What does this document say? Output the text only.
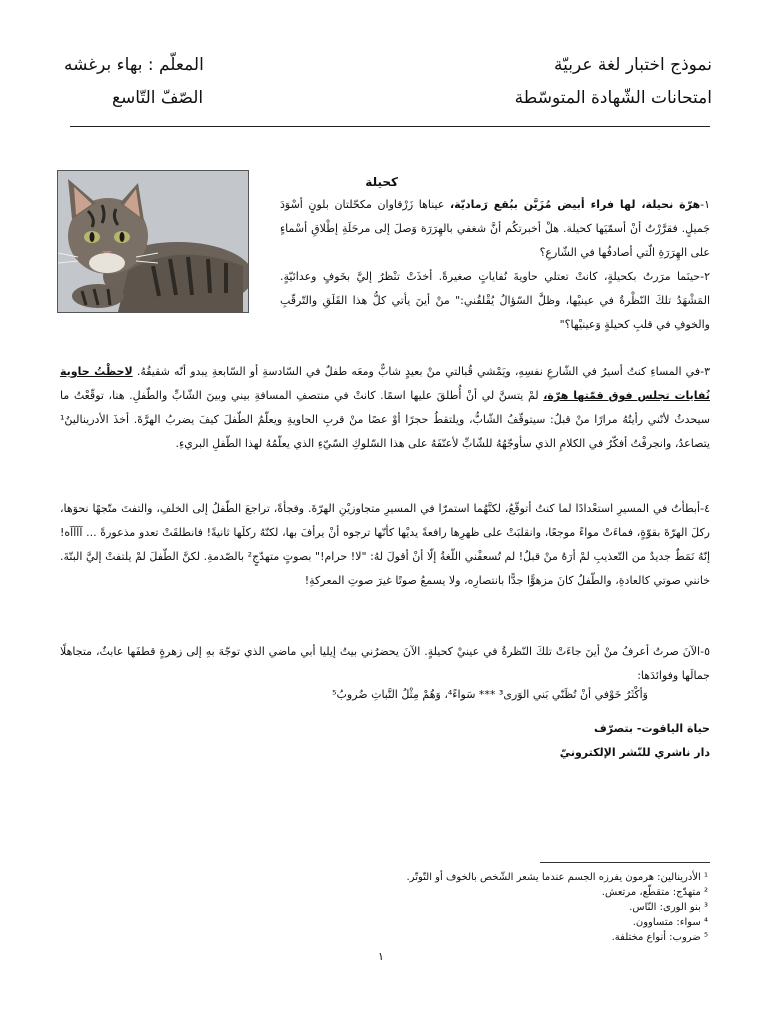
نموذج اختبار لغة عربيّة
امتحانات الشّهادة المتوسّطة
المعلّم : بهاء برغشه
الصّفّ التّاسع
كحيلة
١-هرّة نحيلة، لها فراء أبيض مُزَيَّن ببُقع رَماديّة، عيناها زَرْقاوان مكحّلتان بلونٍ أسْوَدَ جَميلٍ. فقرَّرْتُ أنْ أسمّيَها كحيلة. هلْ أخبرتكُم أنَّ شغفي بالهِرَرَة وَصلَ إلى مرحَلَةِ إطْلاقِ أسْماءٍ على الهِرَرَةِ الّتي أصادفُها في الشّارعِ؟
٢-حينَما مرَرتُ بكحيلةٍ، كانتْ تعتلي حاويةَ نُفاياتٍ صغيرةً. أخذَتْ تنْظرُ إليَّ بخَوفٍ وعدائيّةٍ. المَشْهَدُ تلكَ النّظْرةُ في عينيْها، وظلَّ السّؤالُ يُقْلقُني:" منْ أينَ يأتي كلُّ هذا القَلَقِ والتّرقّبِ والخوفِ في قلبِ كحيلةٍ وَعينيْها؟"
٣-في المساءِ كنتُ أسيرُ في الشّارعِ نفسِهِ، ويَمْشي قُبالتي منْ بعيدٍ شابٌّ ومعَه طفلٌ في السّادسةِ أو السّابعةِ يبدو أنّه شقيقُهُ. لاحظْتُ حاوية نُفايات تجلس فوق قمّتها هرّة، لمْ يتسنَّ لي أنْ أُطلقَ عليها اسمًا. كانتْ في منتصفِ المسافةِ بيني وبينَ الشّابِّ والطّفلِ. هنا، توقّعْتُ ما سيحدثُ لأنّني رأيتُهُ مرارًا منْ قبلُ: سيتوقّفُ الشّابُّ، ويلتقطُ حجرًا أوْ عصًا منْ قربِ الحاويةِ ويعلّمُ الطّفلَ كيفَ يضربُ الهرَّةَ. أخذَ الأدرينالينُ¹ يتصاعدُ، وانجرفْتُ أفكّرُ في الكلامِ الذي سأوجّهُهُ للشّابِّ لأعنّفَهُ على هذا السّلوكِ السّيّءِ الذي يعلّمُهُ لهذا الطّفلِ البريءِ.
٤-أبطأتُ في المسيرِ استعْدادًا لما كنتُ أتوقّعُ، لكنَّهُما استمرّا في المسيرِ متجاوزيْنِ الهرّةَ. وفجأةً، تراجعَ الطّفلُ إلى الخلفِ، والتفتَ متّجهًا نحوَها، ركلَ الهرّةَ بقوّةٍ، فماءَتْ مواءً موجعًا، وانقلبَتْ على ظهرِها رافعةً يديْها كأنّها ترجوه أنْ يرأفَ بها، لكنّهُ ركلَها ثانيةً! فانطلقَتْ تعدو مذعورةً ... آآآآه! إنّهُ نَمَطٌ جديدٌ من التّعذيبِ لمْ أرَهُ منْ قبلُ! لم تُسعفْني اللّغةُ إلّا أنْ أقولَ لهُ: "لا! حرام!" بصوتٍ متهدّجٍ² بالصّدمةِ. لكنَّ الطّفلَ لمْ يلتفتْ إليَّ البتّةَ. خانني صوتي كالعادةِ، والطّفلُ كانَ مزهوًّا جدًّا بانتصارِه، ولا يسمعُ صوتًا غيرَ صوتِ المعركةِ!
٥-الآنَ صرتُ أعرفُ منْ أينَ جاءَتْ تلكَ النّظرةُ في عينيْ كحيلةٍ. الآنَ يحضرُني بيتُ إيليا أبي ماضي الذي توجّهَ بهِ إلى زهرةٍ قطفَها عابثٌ، متجاهلًا جمالَها وفوائدَها:
وَأكْثَرُ خَوْفي أنْ تُظَنّي بَني الوَرى³ *** سَواءً⁴، وَهُمْ مِثْلُ النَّباتِ ضُروبُ⁵
حياة الياقوت- بتصرّف
دار ناشري للنّشر الإلكترونيّ
¹ الأدرينالين: هرمون يفرزه الجسم عندما يشعر الشّخص بالخوف أو التّوتّر.
² متهدّج: متقطّع، مرتعش.
³ بنو الورى: النّاس.
⁴ سواء: متساوون.
⁵ ضروب: أنواع مختلفة.
١
